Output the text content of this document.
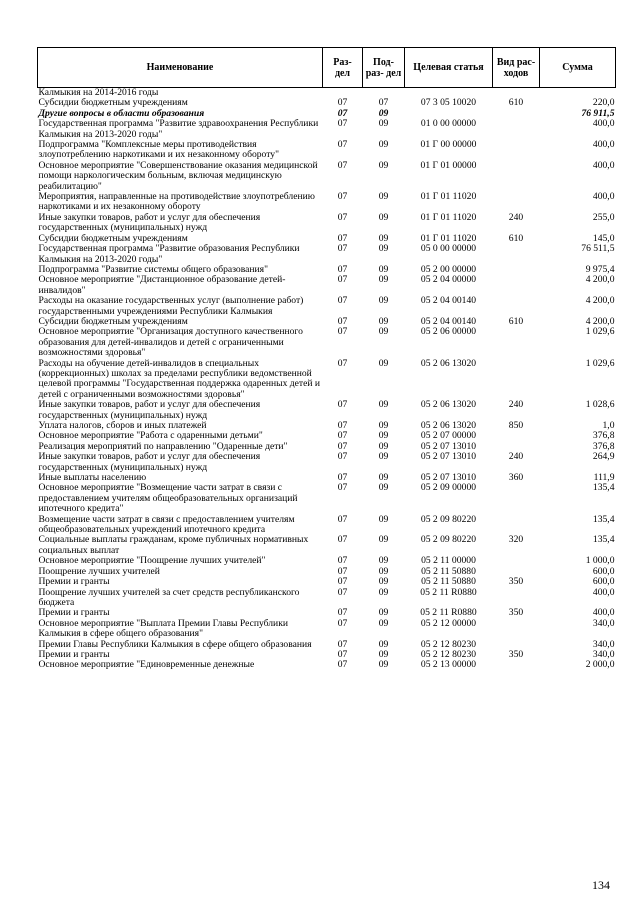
Наименование	Раз- дел	Под- раз- дел	Целевая статья	Вид рас- ходов	Сумма
Калмыкия на 2014-2016 годы					
Субсидии бюджетным учреждениям	07	07	07 3 05 10020	610	220,0
Другие вопросы в области образования	07	09			76 911,5
Государственная программа "Развитие здравоохранения Республики Калмыкия на 2013-2020 годы"	07	09	01 0 00 00000		400,0
Подпрограмма "Комплексные меры противодействия злоупотреблению наркотиками и их незаконному обороту"	07	09	01 Г 00 00000		400,0
Основное мероприятие "Совершенствование оказания медицинской помощи наркологическим больным, включая медицинскую реабилитацию"	07	09	01 Г 01 00000		400,0
Мероприятия, направленные на противодействие злоупотреблению наркотиками и их незаконному обороту	07	09	01 Г 01 11020		400,0
Иные закупки товаров, работ и услуг для обеспечения государственных (муниципальных) нужд	07	09	01 Г 01 11020	240	255,0
Субсидии бюджетным учреждениям	07	09	01 Г 01 11020	610	145,0
Государственная программа "Развитие образования Республики Калмыкия на 2013-2020 годы"	07	09	05 0 00 00000		76 511,5
Подпрограмма "Развитие системы общего образования"	07	09	05 2 00 00000		9 975,4
Основное мероприятие "Дистанционное образование детей-инвалидов"	07	09	05 2 04 00000		4 200,0
Расходы на оказание государственных услуг (выполнение работ) государственными учреждениями Республики Калмыкия	07	09	05 2 04 00140		4 200,0
Субсидии бюджетным учреждениям	07	09	05 2 04 00140	610	4 200,0
Основное мероприятие "Организация доступного качественного образования для детей-инвалидов и детей с ограниченными возможностями здоровья"	07	09	05 2 06 00000		1 029,6
Расходы на обучение детей-инвалидов в специальных (коррекционных) школах за пределами республики ведомственной целевой программы "Государственная поддержка одаренных детей и детей с ограниченными возможностями здоровья"	07	09	05 2 06 13020		1 029,6
Иные закупки товаров, работ и услуг для обеспечения государственных (муниципальных) нужд	07	09	05 2 06 13020	240	1 028,6
Уплата налогов, сборов и иных платежей	07	09	05 2 06 13020	850	1,0
Основное мероприятие "Работа с одаренными детьми"	07	09	05 2 07 00000		376,8
Реализация мероприятий по направлению "Одаренные дети"	07	09	05 2 07 13010		376,8
Иные закупки товаров, работ и услуг для обеспечения государственных (муниципальных) нужд	07	09	05 2 07 13010	240	264,9
Иные выплаты населению	07	09	05 2 07 13010	360	111,9
Основное мероприятие "Возмещение части затрат в связи с предоставлением учителям общеобразовательных организаций ипотечного кредита"	07	09	05 2 09 00000		135,4
Возмещение части затрат в связи с предоставлением учителям общеобразовательных учреждений ипотечного кредита	07	09	05 2 09 80220		135,4
Социальные выплаты гражданам, кроме публичных нормативных социальных выплат	07	09	05 2 09 80220	320	135,4
Основное мероприятие "Поощрение лучших учителей"	07	09	05 2 11 00000		1 000,0
Поощрение лучших учителей	07	09	05 2 11 50880		600,0
Премии и гранты	07	09	05 2 11 50880	350	600,0
Поощрение лучших учителей за счет средств республиканского бюджета	07	09	05 2 11 R0880		400,0
Премии и гранты	07	09	05 2 11 R0880	350	400,0
Основное мероприятие "Выплата Премии Главы Республики Калмыкия в сфере общего образования"	07	09	05 2 12 00000		340,0
Премии Главы Республики Калмыкия в сфере общего образования	07	09	05 2 12 80230		340,0
Премии и гранты	07	09	05 2 12 80230	350	340,0
Основное мероприятие "Единовременные денежные	07	09	05 2 13 00000		2 000,0
134
